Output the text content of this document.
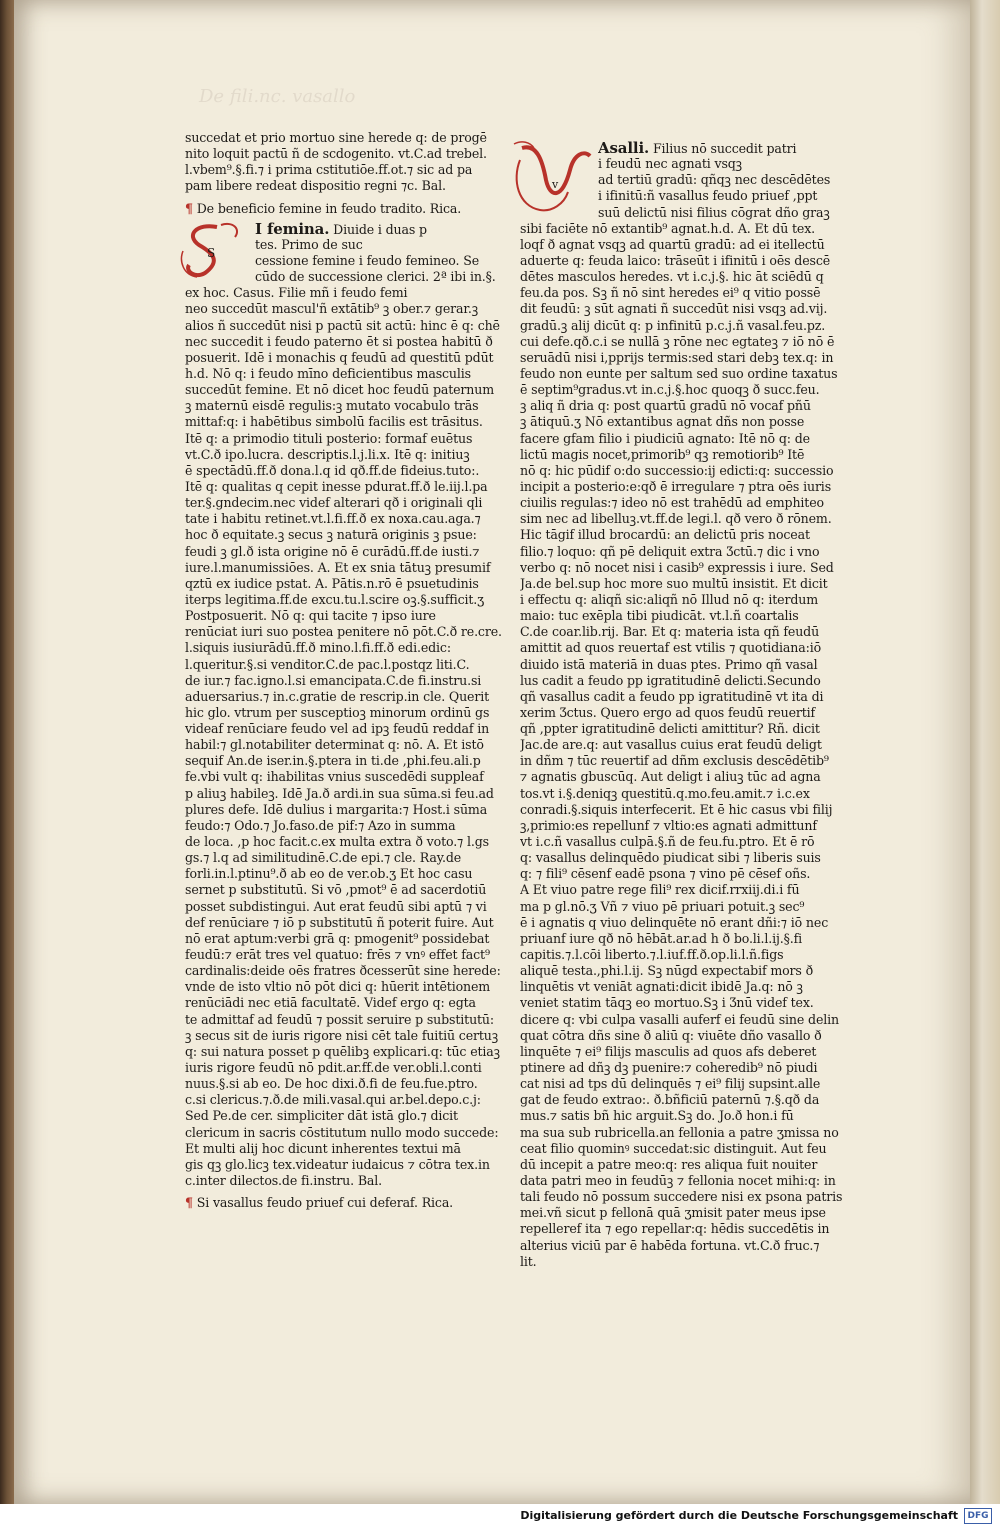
De fili.nc. vasallo
succedat et prio mortuo sine herede q: de progē
nito loquit pactū ñ de scdogenito. vt.C.ad trebel.
l.vbem⁹.§.fi.⁊ i prima cstitutiōe.ff.ot.⁊ sic ad pa
pam libere redeat dispositio regni ⁊c. Bal.
¶ De beneficio femine in feudo tradito. Rica.
S
I femina. Diuide i duas p
tes. Primo de suc
cessione femine i feudo femineo. Se
cūdo de successione clerici. 2ª ibi in.§.
ex hoc. Casus. Filie mñ i feudo femi
neo succedūt mascul'ñ extātib⁹ ꝫ ober.⁊ gerar.ꝫ
alios ñ succedūt nisi p pactū sit actū: hinc ē q: chē
nec succedit i feudo paterno ēt si postea habitū ð
posuerit. Idē i monachis q feudū ad questitū pdūt
h.d. Nō q: i feudo mīno deficientibus masculis
succedūt femine. Et nō dicet hoc feudū paternum
ꝫ maternū eisdē regulis:ꝫ mutato vocabulo trās
mittaf:q: i habētibus simbolū facilis est trāsitus.
Itē q: a primodio tituli posterio: formaf euētus
vt.C.ð ipo.lucra. descriptis.l.j.li.x. Itē q: initiuꝫ
ē spectādū.ff.ð dona.l.q id qð.ff.de fideius.tuto:.
Itē q: qualitas q cepit inesse pdurat.ff.ð le.iij.l.pa
ter.§.gndecim.nec videf alterari qð i originali qli
tate i habitu retinet.vt.l.fi.ff.ð ex noxa.cau.aga.⁊
hoc ð equitate.ꝫ secus ꝫ naturā originis ꝫ psue:
feudi ꝫ gl.ð ista origine nō ē curādū.ff.de iusti.⁊
iure.l.manumissiōes. A. Et ex snia tātuꝫ presumif
qztū ex iudice pstat. A. Pātis.n.rō ē psuetudinis
iterps legitima.ff.de excu.tu.l.scire oꝫ.§.sufficit.ʒ
Postposuerit. Nō q: qui tacite ⁊ ipso iure
renūciat iuri suo postea penitere nō pōt.C.ð re.cre.
l.siquis iusiurādū.ff.ð mino.l.fi.ff.ð edi.edic:
l.queritur.§.si venditor.C.de pac.l.postqz liti.C.
de iur.⁊ fac.igno.l.si emancipata.C.de fi.instru.si
aduersarius.⁊ in.c.gratie de rescrip.in cle. Querit
hic glo. vtrum per susceptioꝫ minorum ordinū gs
videaf renūciare feudo vel ad ipꝫ feudū reddaf in
habil:⁊ gl.notabiliter determinat q: nō. A. Et istō
sequif An.de iser.in.§.ptera in ti.de ,phi.feu.ali.p
fe.vbi vult q: ihabilitas vnius suscedēdi suppleaf
p aliuꝫ habileꝫ. Idē Ja.ð ardi.in sua sūma.si feu.ad
plures defe. Idē dulius i margarita:⁊ Host.i sūma
feudo:⁊ Odo.⁊ Jo.faso.de pif:⁊ Azo in summa
de loca. ,p hoc facit.c.ex multa extra ð voto.⁊ l.gs
gs.⁊ l.q ad similitudinē.C.de epi.⁊ cle. Ray.de
forli.in.l.ptinu⁹.ð ab eo de ver.ob.ʒ Et hoc casu
sernet p substitutū. Si vō ,pmot⁹ ē ad sacerdotiū
posset subdistingui. Aut erat feudū sibi aptū ⁊ vi
def renūciare ⁊ iō p substitutū ñ poterit fuire. Aut
nō erat aptum:verbi grā q: pmogenit⁹ possidebat
feudū:⁊ erāt tres vel quatuo: frēs ⁊ vnꝰ effet fact⁹
cardinalis:deide oēs fratres ðcesserūt sine herede:
vnde de isto vltio nō pōt dici q: hūerit intētionem
renūciādi nec etiā facultatē. Videf ergo q: egta
te admittaf ad feudū ⁊ possit seruire p substitutū:
ꝫ secus sit de iuris rigore nisi cēt tale fuitiū certuꝫ
q: sui natura posset p quēlibꝫ explicari.q: tūc etiaꝫ
iuris rigore feudū nō pdit.ar.ff.de ver.obli.l.conti
nuus.§.si ab eo. De hoc dixi.ð.fi de feu.fue.ptro.
c.si clericus.⁊.ð.de mili.vasal.qui ar.bel.depo.c.j:
Sed Pe.de cer. simpliciter dāt istā glo.⁊ dicit
clericum in sacris cōstitutum nullo modo succede:
Et multi alij hoc dicunt inherentes textui mā
gis qꝫ glo.licꝫ tex.videatur iudaicus ⁊ cōtra tex.in
c.inter dilectos.de fi.instru. Bal.
¶ Si vasallus feudo priuef cui deferaf. Rica.
v
Asalli. Filius nō succedit patri
i feudū nec agnati vsqꝫ
ad tertiū gradū: qñqꝫ nec descēdētes
i ifinitū:ñ vasallus feudo priuef ,ppt
suū delictū nisi filius cōgrat dño graꝫ
sibi faciēte nō extantib⁹ agnat.h.d. A. Et dū tex.
loqf ð agnat vsqꝫ ad quartū gradū: ad ei itellectū
aduerte q: feuda laico: trāseūt i ifinitū i oēs descē
dētes masculos heredes. vt i.c.j.§. hic āt sciēdū q
feu.da pos. Sꝫ ñ nō sint heredes ei⁹ q vitio possē
dit feudū: ꝫ sūt agnati ñ succedūt nisi vsqꝫ ad.vij.
gradū.ꝫ alij dicūt q: p infinitū p.c.j.ñ vasal.feu.pz.
cui defe.qð.c.i se nullā ꝫ rōne nec egtateꝫ ⁊ iō nō ē
seruādū nisi i,pprijs termis:sed stari debꝫ tex.q: in
feudo non eunte per saltum sed suo ordine taxatus
ē septim⁹gradus.vt in.c.j.§.hoc quoqꝫ ð succ.feu.
ꝫ aliq ñ dria q: post quartū gradū nō vocaf pñū
ꝫ ātiquū.ʒ Nō extantibus agnat dñs non posse
facere gfam filio i piudiciū agnato: Itē nō q: de
lictū magis nocet,primorib⁹ qꝫ remotiorib⁹ Itē
nō q: hic pūdif o:do successio:ij edicti:q: successio
incipit a posterio:e:qð ē irregulare ⁊ ptra oēs iuris
ciuilis regulas:⁊ ideo nō est trahēdū ad emphiteo
sim nec ad libelluꝫ.vt.ff.de legi.l. qð vero ð rōnem.
Hic tāgif illud brocardū: an delictū pris noceat
filio.⁊ loquo: qñ pē deliquit extra Ʒctū.⁊ dic i vno
verbo q: nō nocet nisi i casib⁹ expressis i iure. Sed
Ja.de bel.sup hoc more suo multū insistit. Et dicit
i effectu q: aliqñ sic:aliqñ nō Illud nō q: iterdum
maio: tuc exēpla tibi piudicāt. vt.l.ñ coartalis
C.de coar.lib.rij. Bar. Et q: materia ista qñ feudū
amittit ad quos reuertaf est vtilis ⁊ quotidiana:iō
diuido istā materiā in duas ptes. Primo qñ vasal
lus cadit a feudo pp igratitudinē delicti.Secundo
qñ vasallus cadit a feudo pp igratitudinē vt ita di
xerim Ʒctus. Quero ergo ad quos feudū reuertif
qñ ,ppter igratitudinē delicti amittitur? Rñ. dicit
Jac.de are.q: aut vasallus cuius erat feudū deligt
in dñm ⁊ tūc reuertif ad dñm exclusis descēdētib⁹
⁊ agnatis gbuscūq. Aut deligt i aliuꝫ tūc ad agna
tos.vt i.§.deniqꝫ questitū.q.mo.feu.amit.⁊ i.c.ex
conradi.§.siquis interfecerit. Et ē hic casus vbi filij
ꝫ,primio:es repellunf ⁊ vltio:es agnati admittunf
vt i.c.ñ vasallus culpā.§.ñ de feu.fu.ptro. Et ē rō
q: vasallus delinquēdo piudicat sibi ⁊ liberis suis
q: ⁊ fili⁹ cēsenf eadē psona ⁊ vino pē cēsef oñs.
A Et viuo patre rege fili⁹ rex dicif.rrxiij.di.i fū
ma p gl.nō.ʒ Vñ ⁊ viuo pē priuari potuit.ꝫ sec⁹
ē i agnatis q viuo delinquēte nō erant dñi:⁊ iō nec
priuanf iure qð nō hēbāt.ar.ad h ð bo.li.l.ij.§.fi
capitis.⁊.l.cōi liberto.⁊.l.iuf.ff.ð.op.li.l.ñ.figs
aliquē testa.,phi.l.ij. Sꝫ nūgd expectabif mors ð
linquētis vt veniāt agnati:dicit ibidē Ja.q: nō ꝫ
veniet statim tāqꝫ eo mortuo.Sꝫ i Ʒnū videf tex.
dicere q: vbi culpa vasalli auferf ei feudū sine delin
quat cōtra dñs sine ð aliū q: viuēte dño vasallo ð
linquēte ⁊ ei⁹ filijs masculis ad quos afs deberet
ptinere ad dñꝫ dꝫ puenire:⁊ coheredib⁹ nō piudi
cat nisi ad tps dū delinquēs ⁊ ei⁹ filij supsint.alle
gat de feudo extrao:. ð.bñficiū paternū ⁊.§.qð da
mus.⁊ satis bñ hic arguit.Sꝫ do. Jo.ð hon.i fū
ma sua sub rubricella.an fellonia a patre ʒmissa no
ceat filio quominꝰ succedat:sic distinguit. Aut feu
dū incepit a patre meo:q: res aliqua fuit nouiter
data patri meo in feudūꝫ ⁊ fellonia nocet mihi:q: in
tali feudo nō possum succedere nisi ex psona patris
mei.vñ sicut p fellonā quā ʒmisit pater meus ipse
repelleref ita ⁊ ego repellar:q: hēdis succedētis in
alterius viciū par ē habēda fortuna. vt.C.ð fruc.⁊
lit.
Digitalisierung gefördert durch die Deutsche Forschungsgemeinschaft	DFG
